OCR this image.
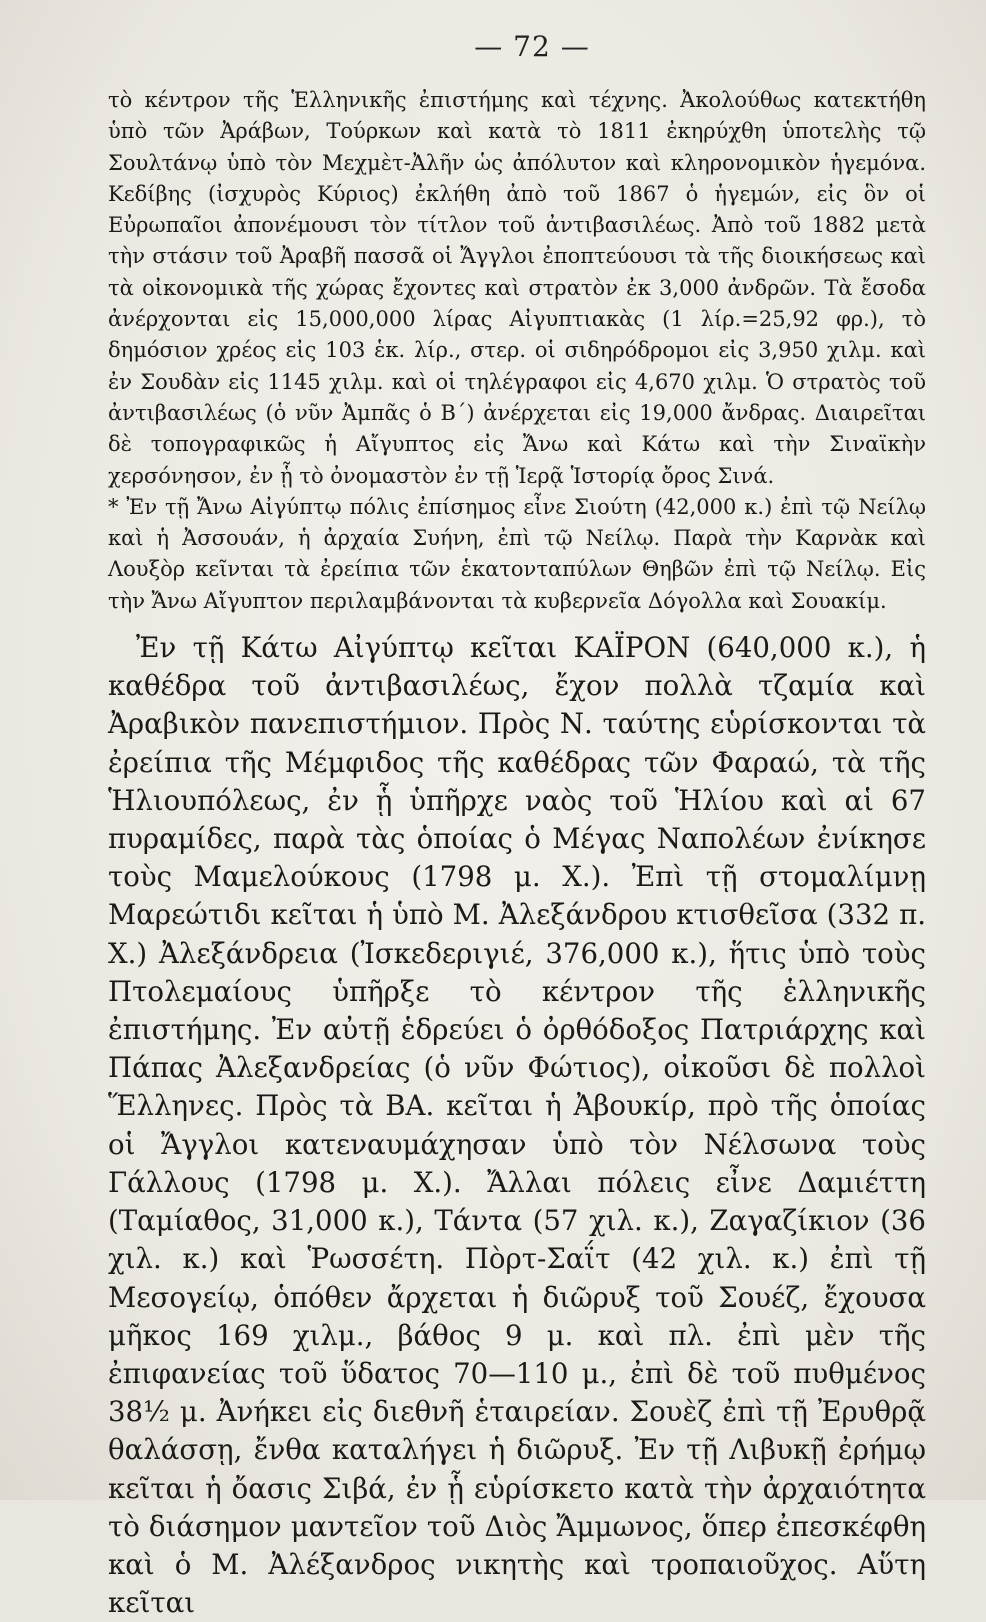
— 72 —

τὸ κέντρον τῆς Ἑλληνικῆς ἐπιστήμης καὶ τέχνης. Ἀκολούθως κατεκτήθη ὑπὸ τῶν Ἀράβων, Τούρκων καὶ κατὰ τὸ 1811 ἐκηρύχθη ὑποτελὴς τῷ Σουλτάνῳ ὑπὸ τὸν Μεχμὲτ-Ἀλῆν ὡς ἀπόλυτον καὶ κληρονομικὸν ἡγεμόνα. Κεδίβης (ἰσχυρὸς Κύριος) ἐκλήθη ἀπὸ τοῦ 1867 ὁ ἡγεμών, εἰς ὃν οἱ Εὐρωπαῖοι ἀπονέμουσι τὸν τίτλον τοῦ ἀντιβασιλέως. Ἀπὸ τοῦ 1882 μετὰ τὴν στάσιν τοῦ Ἀραβῆ πασσᾶ οἱ Ἄγγλοι ἐποπτεύουσι τὰ τῆς διοικήσεως καὶ τὰ οἰκονομικὰ τῆς χώρας ἔχοντες καὶ στρατὸν ἐκ 3,000 ἀνδρῶν. Τὰ ἔσοδα ἀνέρχονται εἰς 15,000,000 λίρας Αἰγυπτιακὰς (1 λίρ.=25,92 φρ.), τὸ δημόσιον χρέος εἰς 103 ἑκ. λίρ., στερ. οἱ σιδηρόδρομοι εἰς 3,950 χιλμ. καὶ ἐν Σουδὰν εἰς 1145 χιλμ. καὶ οἱ τηλέγραφοι εἰς 4,670 χιλμ. Ὁ στρατὸς τοῦ ἀντιβασιλέως (ὁ νῦν Ἀμπᾶς ὁ Β´) ἀνέρχεται εἰς 19,000 ἄνδρας. Διαιρεῖται δὲ τοπογραφικῶς ἡ Αἴγυπτος εἰς Ἄνω καὶ Κάτω καὶ τὴν Σιναϊκὴν χερσόνησον, ἐν ᾗ τὸ ὀνομαστὸν ἐν τῇ Ἱερᾷ Ἱστορίᾳ ὄρος Σινά.

* Ἐν τῇ Ἄνω Αἰγύπτῳ πόλις ἐπίσημος εἶνε Σιούτη (42,000 κ.) ἐπὶ τῷ Νείλῳ καὶ ἡ Ἀσσουάν, ἡ ἀρχαία Συήνη, ἐπὶ τῷ Νείλῳ. Παρὰ τὴν Καρνὰκ καὶ Λουξὸρ κεῖνται τὰ ἐρείπια τῶν ἑκατονταπύλων Θηβῶν ἐπὶ τῷ Νείλῳ. Εἰς τὴν Ἄνω Αἴγυπτον περιλαμβάνονται τὰ κυβερνεῖα Δόγολλα καὶ Σουακίμ.

Ἐν τῇ Κάτω Αἰγύπτῳ κεῖται ΚΑΪΡΟΝ (640,000 κ.), ἡ καθέδρα τοῦ ἀντιβασιλέως, ἔχον πολλὰ τζαμία καὶ Ἀραβικὸν πανεπιστήμιον. Πρὸς Ν. ταύτης εὑρίσκονται τὰ ἐρείπια τῆς Μέμφιδος τῆς καθέδρας τῶν Φαραώ, τὰ τῆς Ἡλιουπόλεως, ἐν ᾗ ὑπῆρχε ναὸς τοῦ Ἡλίου καὶ αἱ 67 πυραμίδες, παρὰ τὰς ὁποίας ὁ Μέγας Ναπολέων ἐνίκησε τοὺς Μαμελούκους (1798 μ. Χ.). Ἐπὶ τῇ στομαλίμνῃ Μαρεώτιδι κεῖται ἡ ὑπὸ Μ. Ἀλεξάνδρου κτισθεῖσα (332 π. Χ.) Ἀλεξάνδρεια (Ἰσκεδεριγιέ, 376,000 κ.), ἥτις ὑπὸ τοὺς Πτολεμαίους ὑπῆρξε τὸ κέντρον τῆς ἑλληνικῆς ἐπιστήμης. Ἐν αὐτῇ ἑδρεύει ὁ ὀρθόδοξος Πατριάρχης καὶ Πάπας Ἀλεξανδρείας (ὁ νῦν Φώτιος), οἰκοῦσι δὲ πολλοὶ Ἕλληνες. Πρὸς τὰ ΒΑ. κεῖται ἡ Ἀβουκίρ, πρὸ τῆς ὁποίας οἱ Ἄγγλοι κατεναυμάχησαν ὑπὸ τὸν Νέλσωνα τοὺς Γάλλους (1798 μ. Χ.). Ἄλλαι πόλεις εἶνε Δαμιέττη (Ταμίαθος, 31,000 κ.), Τάντα (57 χιλ. κ.), Ζαγαζίκιον (36 χιλ. κ.) καὶ Ῥωσσέτη. Πὸρτ-Σαΐτ (42 χιλ. κ.) ἐπὶ τῇ Μεσογείῳ, ὁπόθεν ἄρχεται ἡ διῶρυξ τοῦ Σουέζ, ἔχουσα μῆκος 169 χιλμ., βάθος 9 μ. καὶ πλ. ἐπὶ μὲν τῆς ἐπιφανείας τοῦ ὕδατος 70—110 μ., ἐπὶ δὲ τοῦ πυθμένος 38½ μ. Ἀνήκει εἰς διεθνῆ ἑταιρείαν. Σουὲζ ἐπὶ τῇ Ἐρυθρᾷ θαλάσσῃ, ἔνθα καταλήγει ἡ διῶρυξ. Ἐν τῇ Λιβυκῇ ἐρήμῳ κεῖται ἡ ὄασις Σιβά, ἐν ᾗ εὑρίσκετο κατὰ τὴν ἀρχαιότητα τὸ διάσημον μαντεῖον τοῦ Διὸς Ἄμμωνος, ὅπερ ἐπεσκέφθη καὶ ὁ Μ. Ἀλέξανδρος νικητὴς καὶ τροπαιοῦχος. Αὕτη κεῖται
